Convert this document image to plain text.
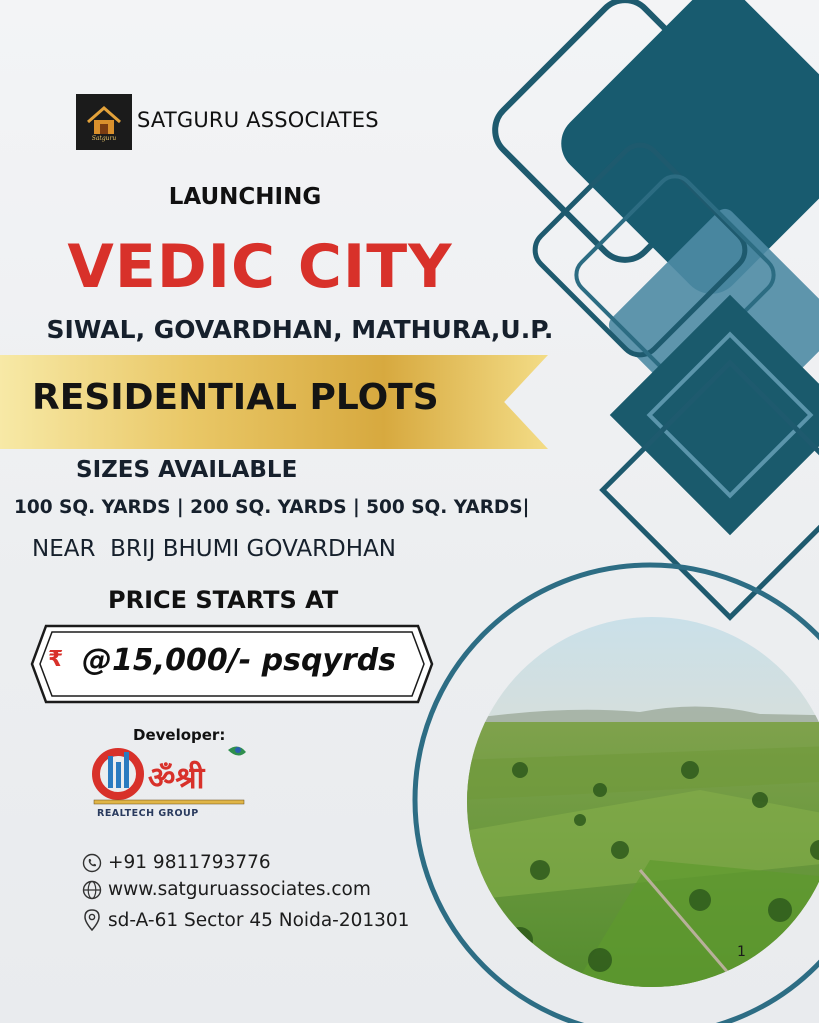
Satguru
SATGURU ASSOCIATES
LAUNCHING
VEDIC CITY
SIWAL, GOVARDHAN, MATHURA,U.P.
RESIDENTIAL PLOTS
SIZES AVAILABLE
100 SQ. YARDS | 200 SQ. YARDS | 500 SQ. YARDS|
NEAR  BRIJ BHUMI GOVARDHAN
PRICE STARTS AT
₹ @15,000/- psqyrds
Developer:
ॐश्री
REALTECH GROUP
+91 9811793776
www.satguruassociates.com
sd-A-61 Sector 45 Noida-201301
1
